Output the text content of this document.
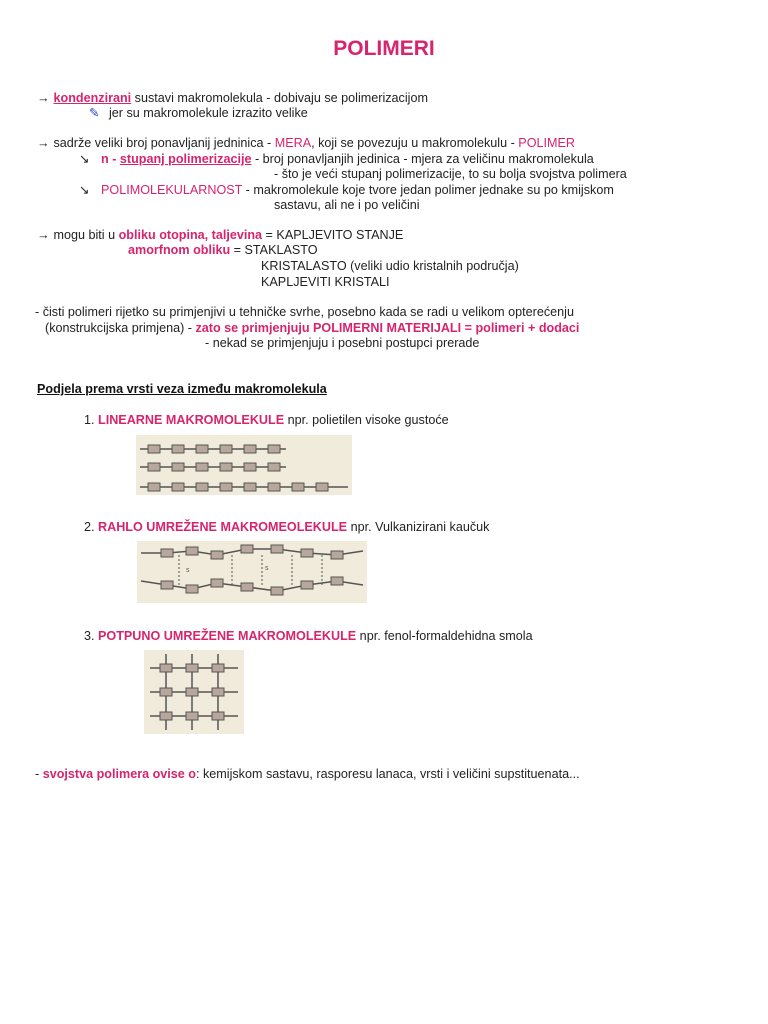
POLIMERI
→ kondenzirani sustavi makromolekula - dobivaju se polimerizacijom
✎ jer su makromolekule izrazito velike
→ sadrže veliki broj ponavljanij jedninica - MERA, koji se povezuju u makromolekulu - POLIMER
↘ n - stupanj polimerizacije - broj ponavljanjih jedinica - mjera za veličinu makromolekula
- što je veći stupanj polimerizacije, to su bolja svojstva polimera
↘ POLIMOLEKULARNOST - makromolekule koje tvore jedan polimer jednake su po kmijskom
sastavu, ali ne i po veličini
→ mogu biti u obliku otopina, taljevina = KAPLJEVITO STANJE
amorfnom obliku = STAKLASTO
KRISTALASTO (veliki udio kristalnih područja)
KAPLJEVITI KRISTALI
- čisti polimeri rijetko su primjenjivi u tehničke svrhe, posebno kada se radi u velikom opterećenju
(konstrukcijska primjena) - zato se primjenjuju POLIMERNI MATERIJALI = polimeri + dodaci
- nekad se primjenjuju i posebni postupci prerade
Podjela prema vrsti veza između makromolekula
1. LINEARNE MAKROMOLEKULE npr. polietilen visoke gustoće
2. RAHLO UMREŽENE MAKROMEOLEKULE npr. Vulkanizirani kaučuk
s	s
3. POTPUNO UMREŽENE MAKROMOLEKULE npr. fenol-formaldehidna smola
- svojstva polimera ovise o: kemijskom sastavu, rasporesu lanaca, vrsti i veličini supstituenata...
